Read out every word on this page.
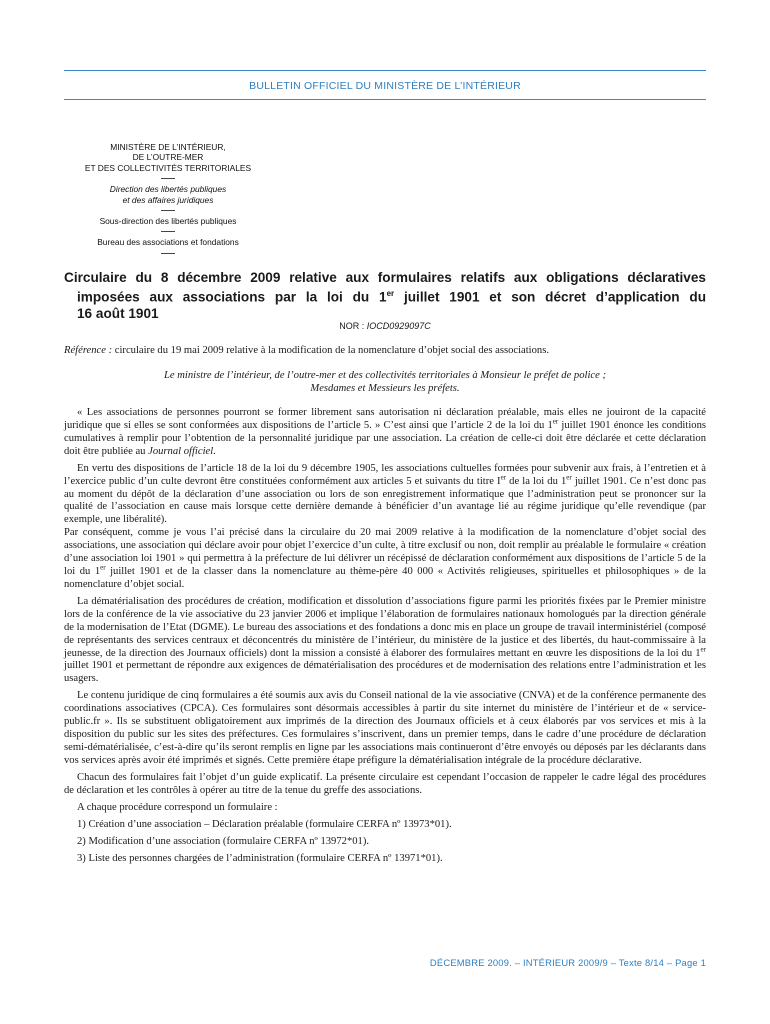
BULLETIN OFFICIEL DU MINISTÈRE DE L’INTÉRIEUR
MINISTÈRE DE L’INTÉRIEUR,
DE L’OUTRE-MER
ET DES COLLECTIVITÉS TERRITORIALES
Direction des libertés publiques
et des affaires juridiques
Sous-direction des libertés publiques
Bureau des associations et fondations
Circulaire du 8 décembre 2009 relative aux formulaires relatifs aux obligations déclaratives
imposées aux associations par la loi du 1er juillet 1901 et son décret d’application du
16 août 1901
NOR : IOCD0929097C
Référence : circulaire du 19 mai 2009 relative à la modification de la nomenclature d’objet social des associations.
Le ministre de l’intérieur, de l’outre-mer et des collectivités territoriales à Monsieur le préfet de police ;
Mesdames et Messieurs les préfets.

« Les associations de personnes pourront se former librement sans autorisation ni déclaration préalable, mais elles ne jouiront de la capacité juridique que si elles se sont conformées aux dispositions de l’article 5. » C’est ainsi que l’article 2 de la loi du 1er juillet 1901 énonce les conditions cumulatives à remplir pour l’obtention de la personnalité juridique par une association. La création de celle-ci doit être déclarée et cette déclaration doit être publiée au Journal officiel.

En vertu des dispositions de l’article 18 de la loi du 9 décembre 1905, les associations cultuelles formées pour subvenir aux frais, à l’entretien et à l’exercice public d’un culte devront être constituées conformément aux articles 5 et suivants du titre Ier de la loi du 1er juillet 1901. Ce n’est donc pas au moment du dépôt de la déclaration d’une association ou lors de son enregistrement informatique que l’administration peut se prononcer sur la qualité de l’association en cause mais lorsque cette dernière demande à bénéficier d’un avantage lié au régime juridique qu’elle revendique (par exemple, une libéralité).
Par conséquent, comme je vous l’ai précisé dans la circulaire du 20 mai 2009 relative à la modification de la nomenclature d’objet social des associations, une association qui déclare avoir pour objet l’exercice d’un culte, à titre exclusif ou non, doit remplir au préalable le formulaire « création d’une association loi 1901 » qui permettra à la préfecture de lui délivrer un récépissé de déclaration conformément aux dispositions de l’article 5 de la loi du 1er juillet 1901 et de la classer dans la nomenclature au thème-père 40 000 « Activités religieuses, spirituelles et philosophiques » de la nomenclature d’objet social.

La dématérialisation des procédures de création, modification et dissolution d’associations figure parmi les priorités fixées par le Premier ministre lors de la conférence de la vie associative du 23 janvier 2006 et implique l’élaboration de formulaires nationaux homologués par la direction générale de la modernisation de l’Etat (DGME). Le bureau des associations et des fondations a donc mis en place un groupe de travail interministériel (composé de représentants des services centraux et déconcentrés du ministère de l’intérieur, du ministère de la justice et des libertés, du haut-commissaire à la jeunesse, de la direction des Journaux officiels) dont la mission a consisté à élaborer des formulaires mettant en œuvre les dispositions de la loi du 1er juillet 1901 et permettant de répondre aux exigences de dématérialisation des procédures et de modernisation des relations entre l’administration et les usagers.

Le contenu juridique de cinq formulaires a été soumis aux avis du Conseil national de la vie associative (CNVA) et de la conférence permanente des coordinations associatives (CPCA). Ces formulaires sont désormais accessibles à partir du site internet du ministère de l’intérieur et de « service-public.fr ». Ils se substituent obligatoirement aux imprimés de la direction des Journaux officiels et à ceux élaborés par vos services et mis à la disposition du public sur les sites des préfectures. Ces formulaires s’inscrivent, dans un premier temps, dans le cadre d’une procédure de déclaration semi-dématérialisée, c’est-à-dire qu’ils seront remplis en ligne par les associations mais continueront d’être envoyés ou déposés par les déclarants dans vos services après avoir été imprimés et signés. Cette première étape préfigure la dématérialisation intégrale de la procédure déclarative.

Chacun des formulaires fait l’objet d’un guide explicatif. La présente circulaire est cependant l’occasion de rappeler le cadre légal des procédures de déclaration et les contrôles à opérer au titre de la tenue du greffe des associations.

A chaque procédure correspond un formulaire :

1) Création d’une association – Déclaration préalable (formulaire CERFA nº 13973*01).

2) Modification d’une association (formulaire CERFA nº 13972*01).

3) Liste des personnes chargées de l’administration (formulaire CERFA nº 13971*01).

DÉCEMBRE 2009. – INTÉRIEUR 2009/9 – Texte 8/14 – Page 1
